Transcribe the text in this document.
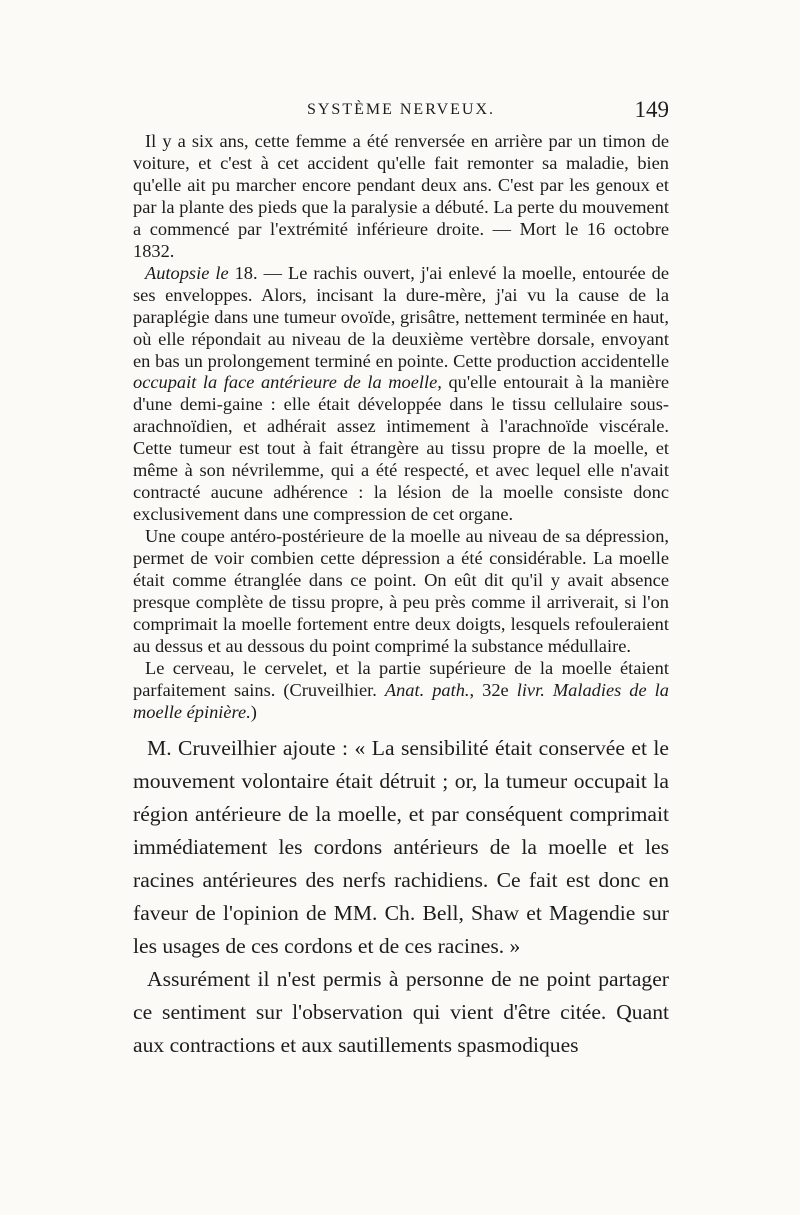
SYSTÈME NERVEUX.	149

Il y a six ans, cette femme a été renversée en arrière par un timon de voiture, et c'est à cet accident qu'elle fait remonter sa maladie, bien qu'elle ait pu marcher encore pendant deux ans. C'est par les genoux et par la plante des pieds que la paralysie a débuté. La perte du mouvement a commencé par l'extrémité inférieure droite. — Mort le 16 octobre 1832.

Autopsie le 18. — Le rachis ouvert, j'ai enlevé la moelle, entourée de ses enveloppes. Alors, incisant la dure-mère, j'ai vu la cause de la paraplégie dans une tumeur ovoïde, grisâtre, nettement terminée en haut, où elle répondait au niveau de la deuxième vertèbre dorsale, envoyant en bas un prolongement terminé en pointe. Cette production accidentelle occupait la face antérieure de la moelle, qu'elle entourait à la manière d'une demi-gaine : elle était développée dans le tissu cellulaire sous-arachnoïdien, et adhérait assez intimement à l'arachnoïde viscérale. Cette tumeur est tout à fait étrangère au tissu propre de la moelle, et même à son névrilemme, qui a été respecté, et avec lequel elle n'avait contracté aucune adhérence : la lésion de la moelle consiste donc exclusivement dans une compression de cet organe.

Une coupe antéro-postérieure de la moelle au niveau de sa dépression, permet de voir combien cette dépression a été considérable. La moelle était comme étranglée dans ce point. On eût dit qu'il y avait absence presque complète de tissu propre, à peu près comme il arriverait, si l'on comprimait la moelle fortement entre deux doigts, lesquels refouleraient au dessus et au dessous du point comprimé la substance médullaire.

Le cerveau, le cervelet, et la partie supérieure de la moelle étaient parfaitement sains. (Cruveilhier. Anat. path., 32e livr. Maladies de la moelle épinière.)

M. Cruveilhier ajoute : « La sensibilité était conservée et le mouvement volontaire était détruit ; or, la tumeur occupait la région antérieure de la moelle, et par conséquent comprimait immédiatement les cordons antérieurs de la moelle et les racines antérieures des nerfs rachidiens. Ce fait est donc en faveur de l'opinion de MM. Ch. Bell, Shaw et Magendie sur les usages de ces cordons et de ces racines. »

Assurément il n'est permis à personne de ne point partager ce sentiment sur l'observation qui vient d'être citée. Quant aux contractions et aux sautillements spasmodiques
